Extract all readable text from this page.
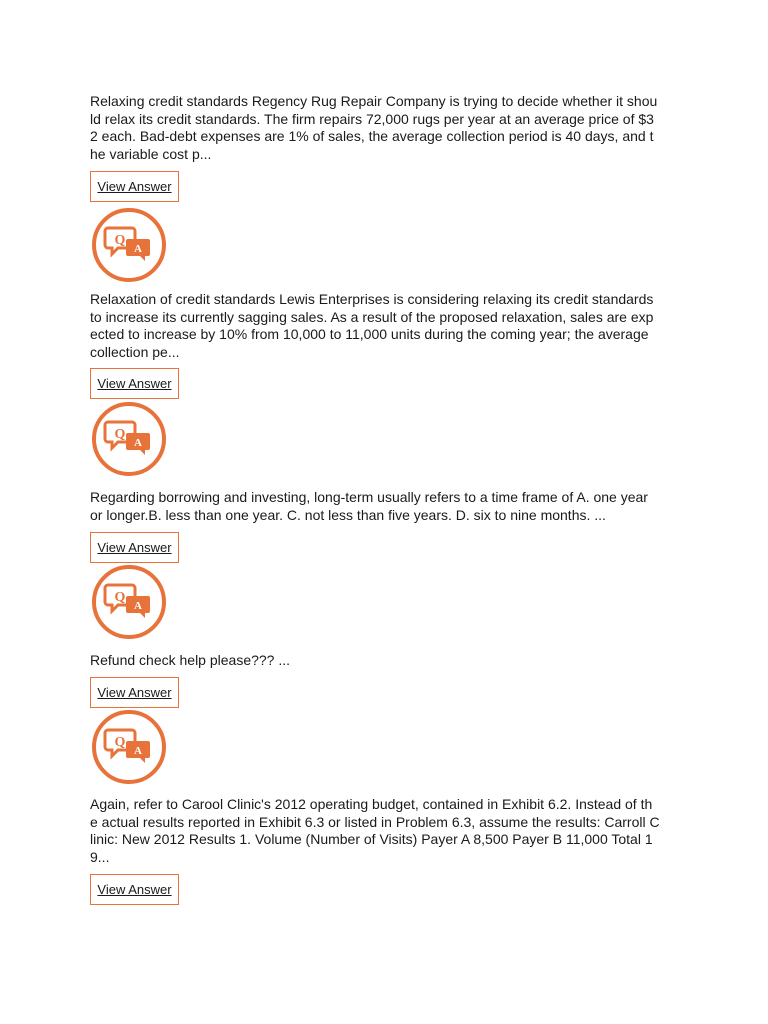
Relaxing credit standards Regency Rug Repair Company is trying to decide whether it shou
ld relax its credit standards. The firm repairs 72,000 rugs per year at an average price of $3
2 each. Bad-debt expenses are 1% of sales, the average collection period is 40 days, and t
he variable cost p...

View Answer
Q
A

Relaxation of credit standards Lewis Enterprises is considering relaxing its credit standards
to increase its currently sagging sales. As a result of the proposed relaxation, sales are exp
ected to increase by 10% from 10,000 to 11,000 units during the coming year; the average
collection pe...

View Answer
Q
A

Regarding borrowing and investing, long-term usually refers to a time frame of A. one year
or longer.B. less than one year. C. not less than five years. D. six to nine months. ...

View Answer
Q
A

Refund check help please??? ...

View Answer
Q
A

Again, refer to Carool Clinic's 2012 operating budget, contained in Exhibit 6.2. Instead of th
e actual results reported in Exhibit 6.3 or listed in Problem 6.3, assume the results: Carroll C
linic: New 2012 Results 1. Volume (Number of Visits) Payer A 8,500 Payer B 11,000 Total 1
9...

View Answer
